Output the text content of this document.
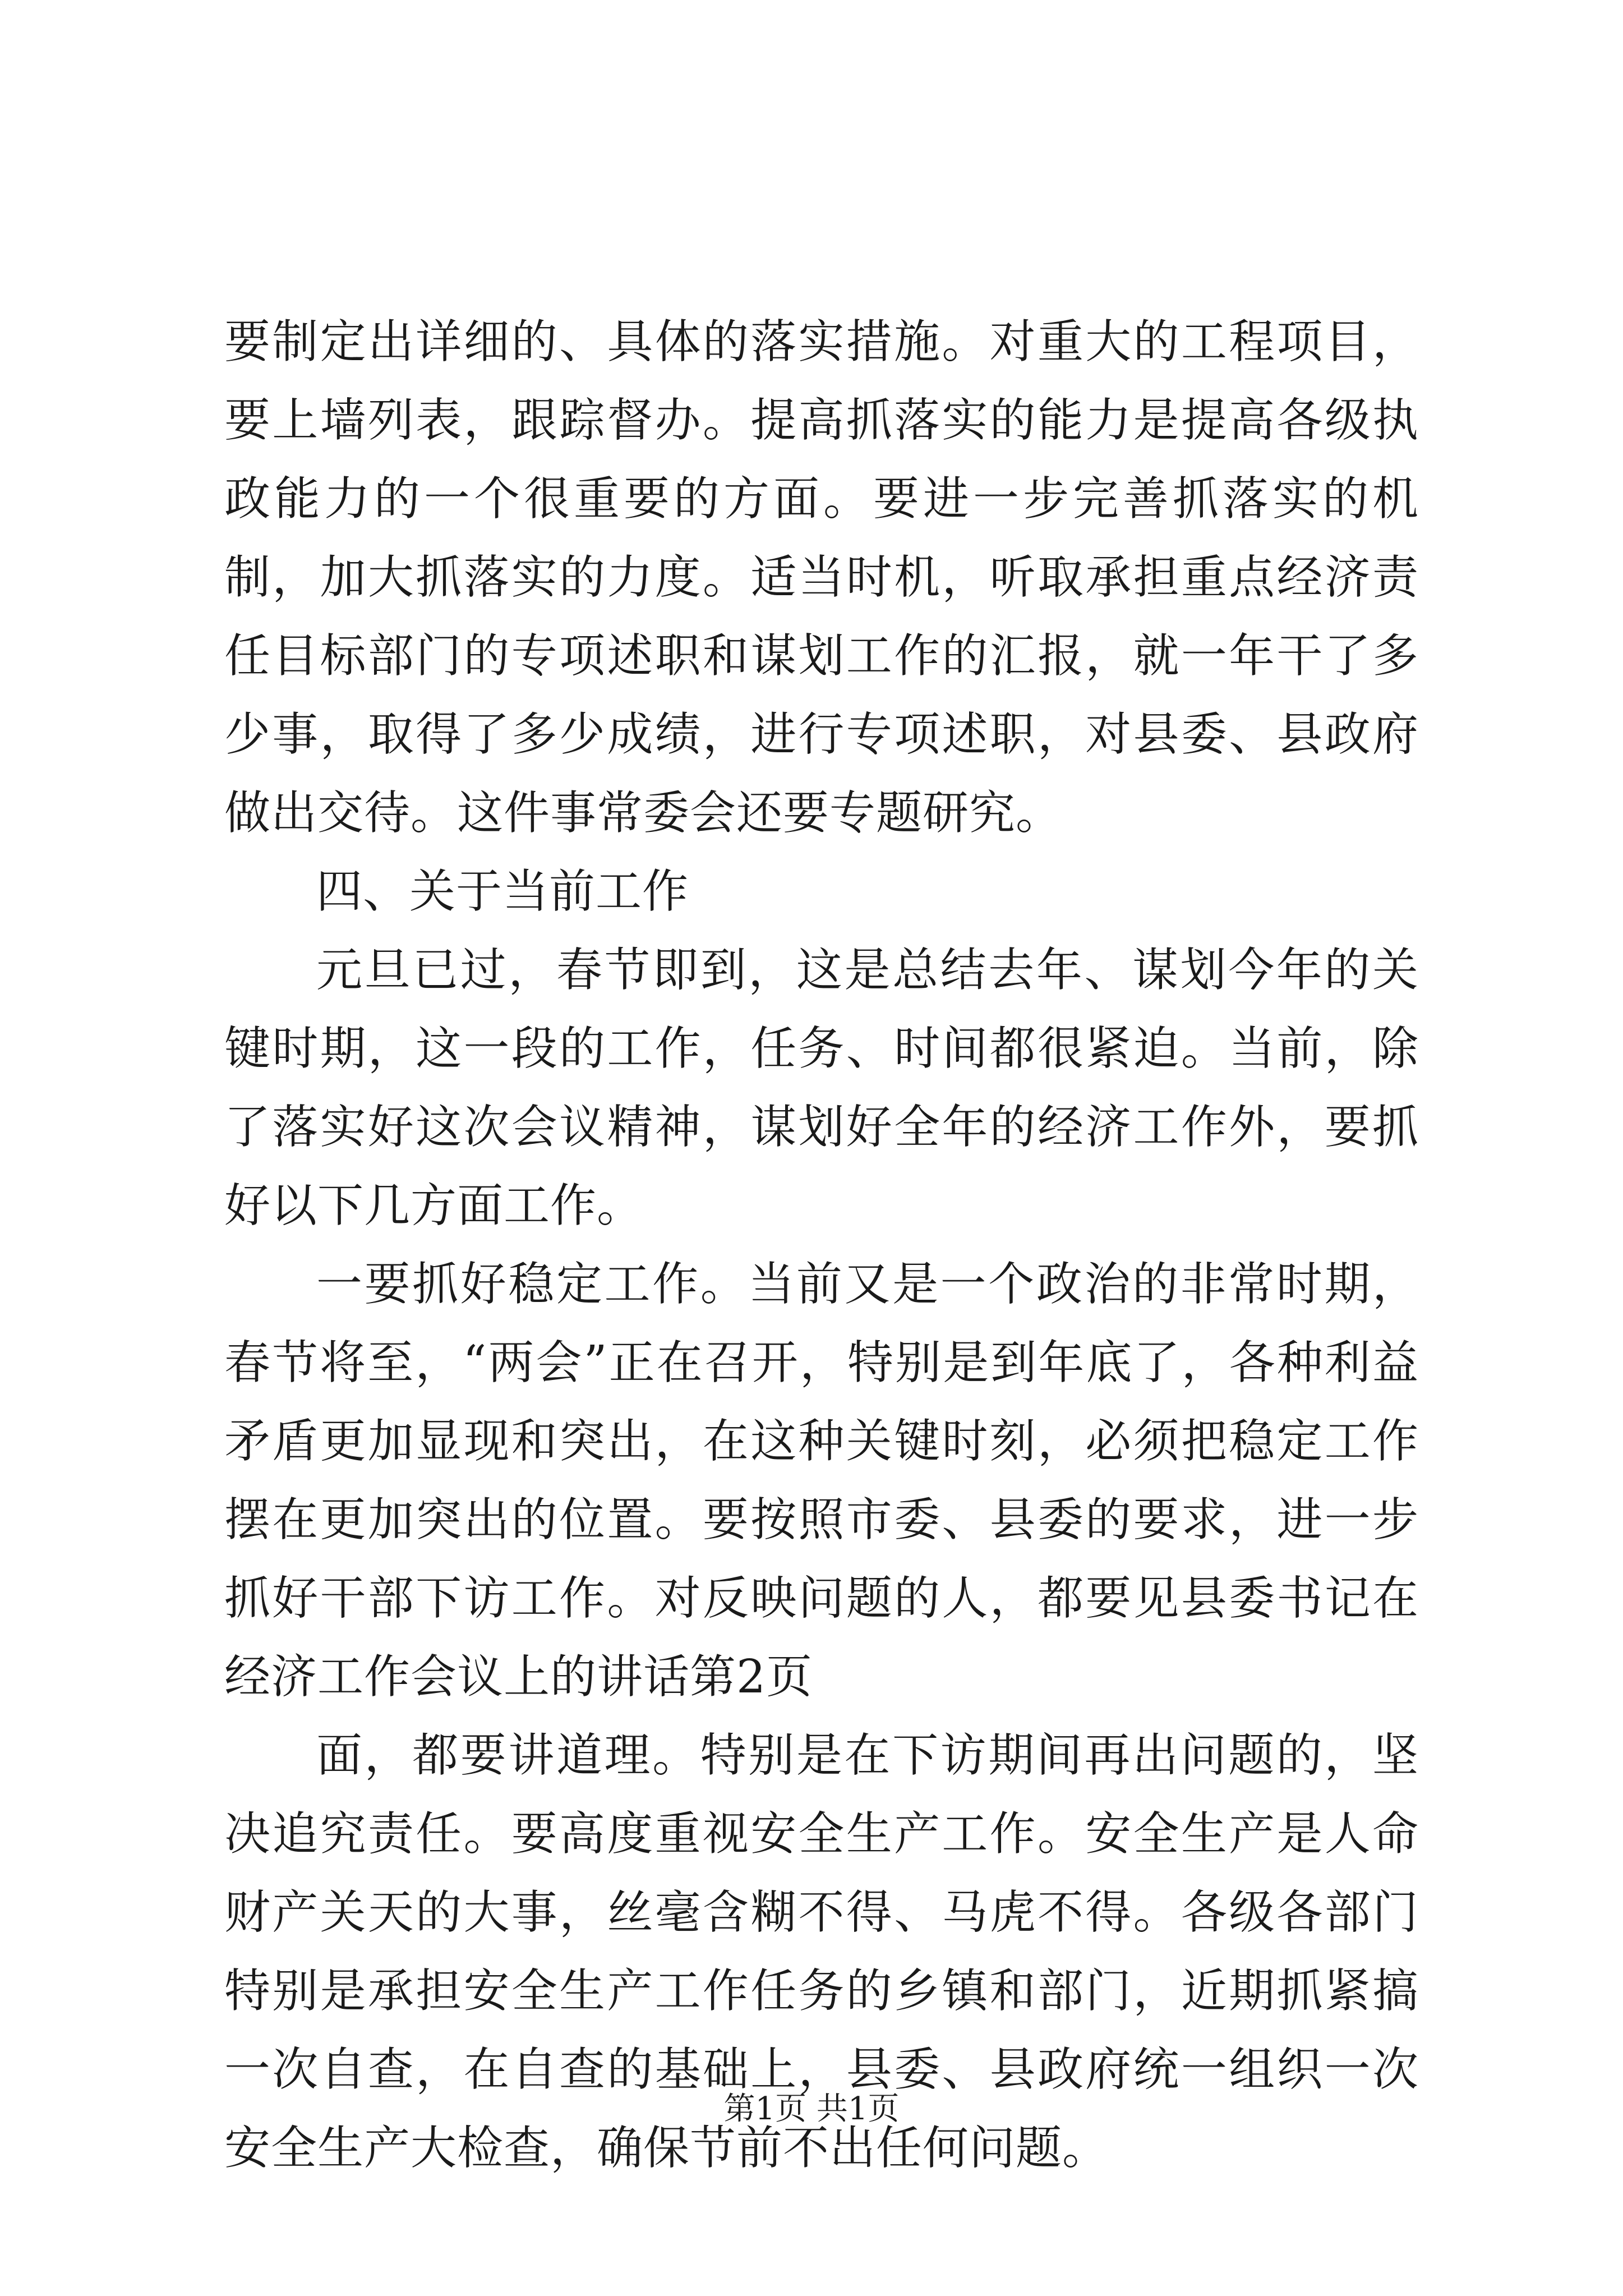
要制定出详细的、具体的落实措施。对重大的工程项目，要上墙列表，跟踪督办。提高抓落实的能力是提高各级执政能力的一个很重要的方面。要进一步完善抓落实的机制，加大抓落实的力度。适当时机，听取承担重点经济责任目标部门的专项述职和谋划工作的汇报，就一年干了多少事，取得了多少成绩，进行专项述职，对县委、县政府做出交待。这件事常委会还要专题研究。

四、关于当前工作

元旦已过，春节即到，这是总结去年、谋划今年的关键时期，这一段的工作，任务、时间都很紧迫。当前，除了落实好这次会议精神，谋划好全年的经济工作外，要抓好以下几方面工作。

一要抓好稳定工作。当前又是一个政治的非常时期，春节将至，“两会”正在召开，特别是到年底了，各种利益矛盾更加显现和突出，在这种关键时刻，必须把稳定工作摆在更加突出的位置。要按照市委、县委的要求，进一步抓好干部下访工作。对反映问题的人，都要见县委书记在经济工作会议上的讲话第2页

面，都要讲道理。特别是在下访期间再出问题的，坚决追究责任。要高度重视安全生产工作。安全生产是人命财产关天的大事，丝毫含糊不得、马虎不得。各级各部门特别是承担安全生产工作任务的乡镇和部门，近期抓紧搞一次自查，在自查的基础上，县委、县政府统一组织一次安全生产大检查，确保节前不出任何问题。

第1页 共1页
